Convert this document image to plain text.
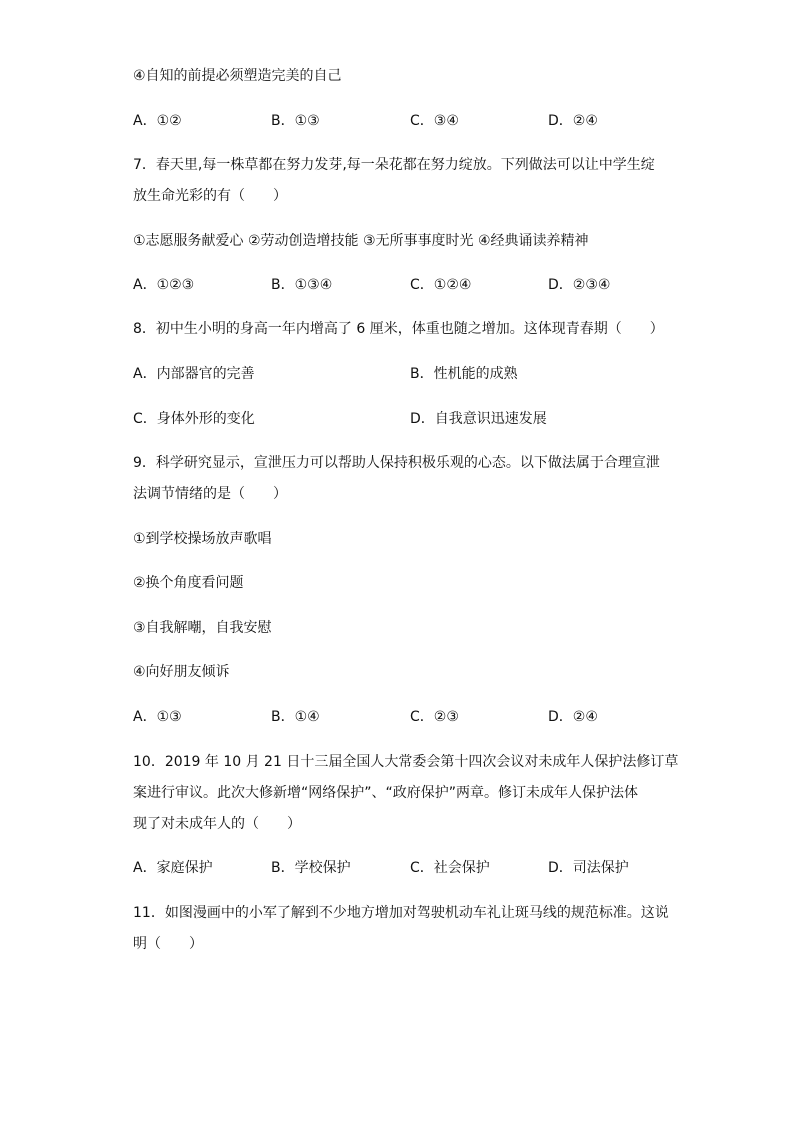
④自知的前提必须塑造完美的自己
A．①②	B．①③	C．③④	D．②④
7．春天里,每一株草都在努力发芽,每一朵花都在努力绽放。下列做法可以让中学生绽
放生命光彩的有（　　）
①志愿服务献爱心 ②劳动创造增技能 ③无所事事度时光 ④经典诵读养精神
A．①②③	B．①③④	C．①②④	D．②③④
8．初中生小明的身高一年内增高了 6 厘米，体重也随之增加。这体现青春期（　　）
A．内部器官的完善	B．性机能的成熟
C．身体外形的变化	D．自我意识迅速发展
9．科学研究显示，宣泄压力可以帮助人保持积极乐观的心态。以下做法属于合理宣泄
法调节情绪的是（　　）
①到学校操场放声歌唱
②换个角度看问题
③自我解嘲，自我安慰
④向好朋友倾诉
A．①③	B．①④	C．②③	D．②④
10．2019 年 10 月 21 日十三届全国人大常委会第十四次会议对未成年人保护法修订草
案进行审议。此次大修新增“网络保护”、“政府保护”两章。修订未成年人保护法体
现了对未成年人的（　　）
A．家庭保护	B．学校保护	C．社会保护	D．司法保护
11．如图漫画中的小军了解到不少地方增加对驾驶机动车礼让斑马线的规范标准。这说
明（　　）
